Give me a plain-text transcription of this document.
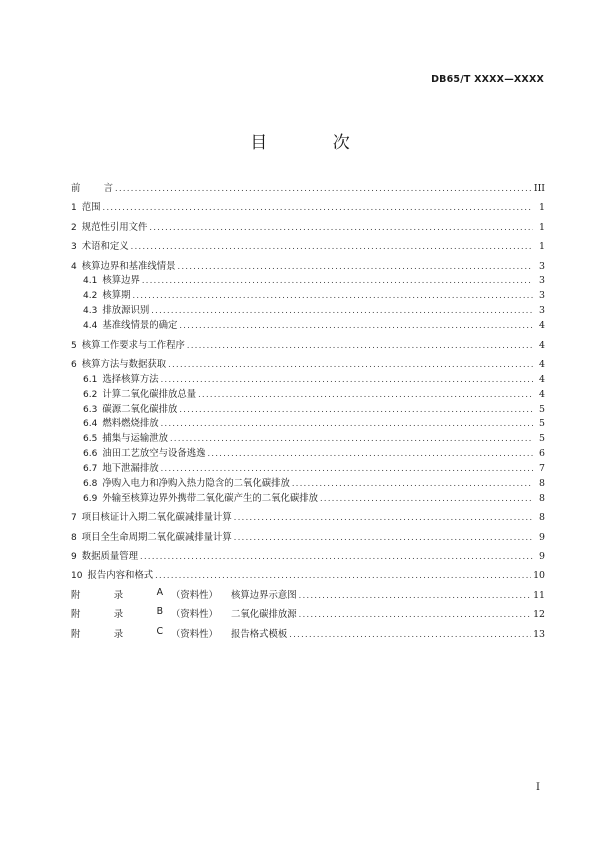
DB65/T XXXX—XXXX
目 次
前 言 .....	III
1 范围 .....	1
2 规范性引用文件 .....	1
3 术语和定义 .....	1
4 核算边界和基准线情景 .....	3
4.1 核算边界 .....	3
4.2 核算期 .....	3
4.3 排放源识别 .....	3
4.4 基准线情景的确定 .....	4
5 核算工作要求与工作程序 .....	4
6 核算方法与数据获取 .....	4
6.1 选择核算方法 .....	4
6.2 计算二氧化碳排放总量 .....	4
6.3 碳源二氧化碳排放 .....	5
6.4 燃料燃烧排放 .....	5
6.5 捕集与运输泄放 .....	5
6.6 油田工艺放空与设备逃逸 .....	6
6.7 地下泄漏排放 .....	7
6.8 净购入电力和净购入热力隐含的二氧化碳排放 .....	8
6.9 外输至核算边界外携带二氧化碳产生的二氧化碳排放 .....	8
7 项目核证计入期二氧化碳减排量计算 .....	8
8 项目全生命周期二氧化碳减排量计算 .....	9
9 数据质量管理 .....	9
10 报告内容和格式 .....	10
附	录	A （资料性）	核算边界示意图 .....	11
附	录	B （资料性）	二氧化碳排放源 .....	12
附	录	C （资料性）	报告格式模板 .....	13
I
